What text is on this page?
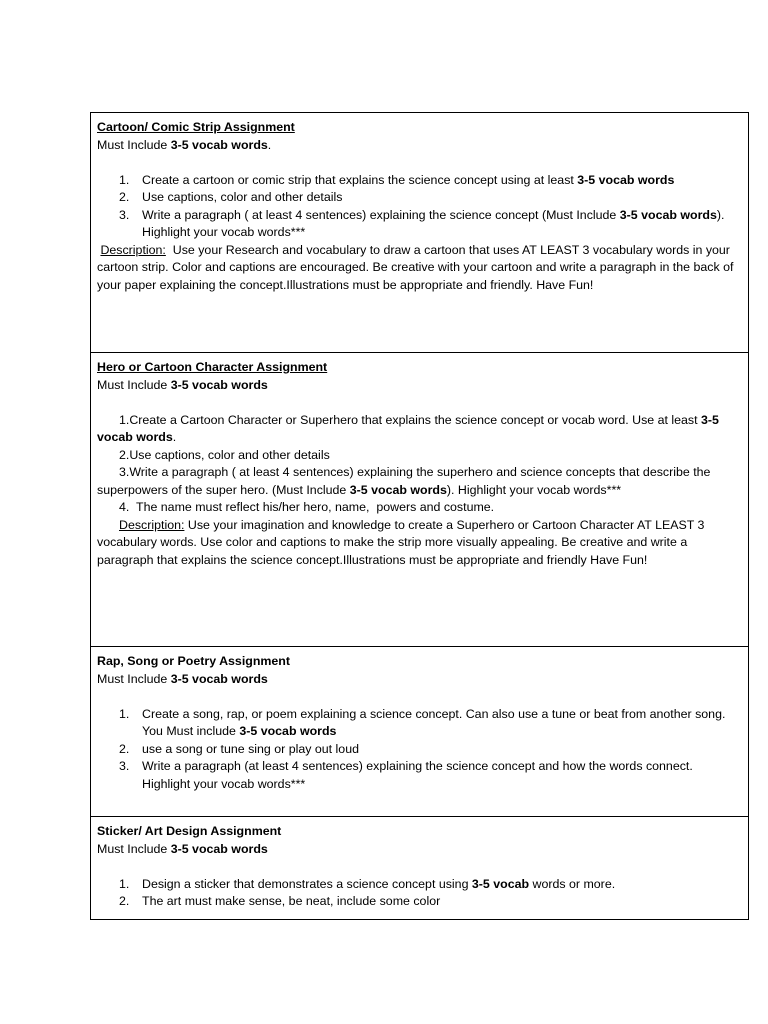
Cartoon/ Comic Strip Assignment
Must Include 3-5 vocab words.
1. Create a cartoon or comic strip that explains the science concept using at least 3-5 vocab words
2. Use captions, color and other details
3. Write a paragraph ( at least 4 sentences) explaining the science concept (Must Include 3-5 vocab words). Highlight your vocab words***
Description:  Use your Research and vocabulary to draw a cartoon that uses AT LEAST 3 vocabulary words in your cartoon strip. Color and captions are encouraged. Be creative with your cartoon and write a paragraph in the back of your paper explaining the concept.Illustrations must be appropriate and friendly. Have Fun!

Hero or Cartoon Character Assignment
Must Include 3-5 vocab words
1.Create a Cartoon Character or Superhero that explains the science concept or vocab word. Use at least 3-5 vocab words.
2.Use captions, color and other details
3.Write a paragraph ( at least 4 sentences) explaining the superhero and science concepts that describe the superpowers of the super hero. (Must Include 3-5 vocab words). Highlight your vocab words***
4.  The name must reflect his/her hero, name,  powers and costume.
Description: Use your imagination and knowledge to create a Superhero or Cartoon Character AT LEAST 3 vocabulary words. Use color and captions to make the strip more visually appealing. Be creative and write a paragraph that explains the science concept.Illustrations must be appropriate and friendly Have Fun!

Rap, Song or Poetry Assignment
Must Include 3-5 vocab words
1. Create a song, rap, or poem explaining a science concept. Can also use a tune or beat from another song. You Must include 3-5 vocab words
2. use a song or tune sing or play out loud
3. Write a paragraph (at least 4 sentences) explaining the science concept and how the words connect. Highlight your vocab words***

Sticker/ Art Design Assignment
Must Include 3-5 vocab words
1. Design a sticker that demonstrates a science concept using 3-5 vocab words or more.
2. The art must make sense, be neat, include some color
